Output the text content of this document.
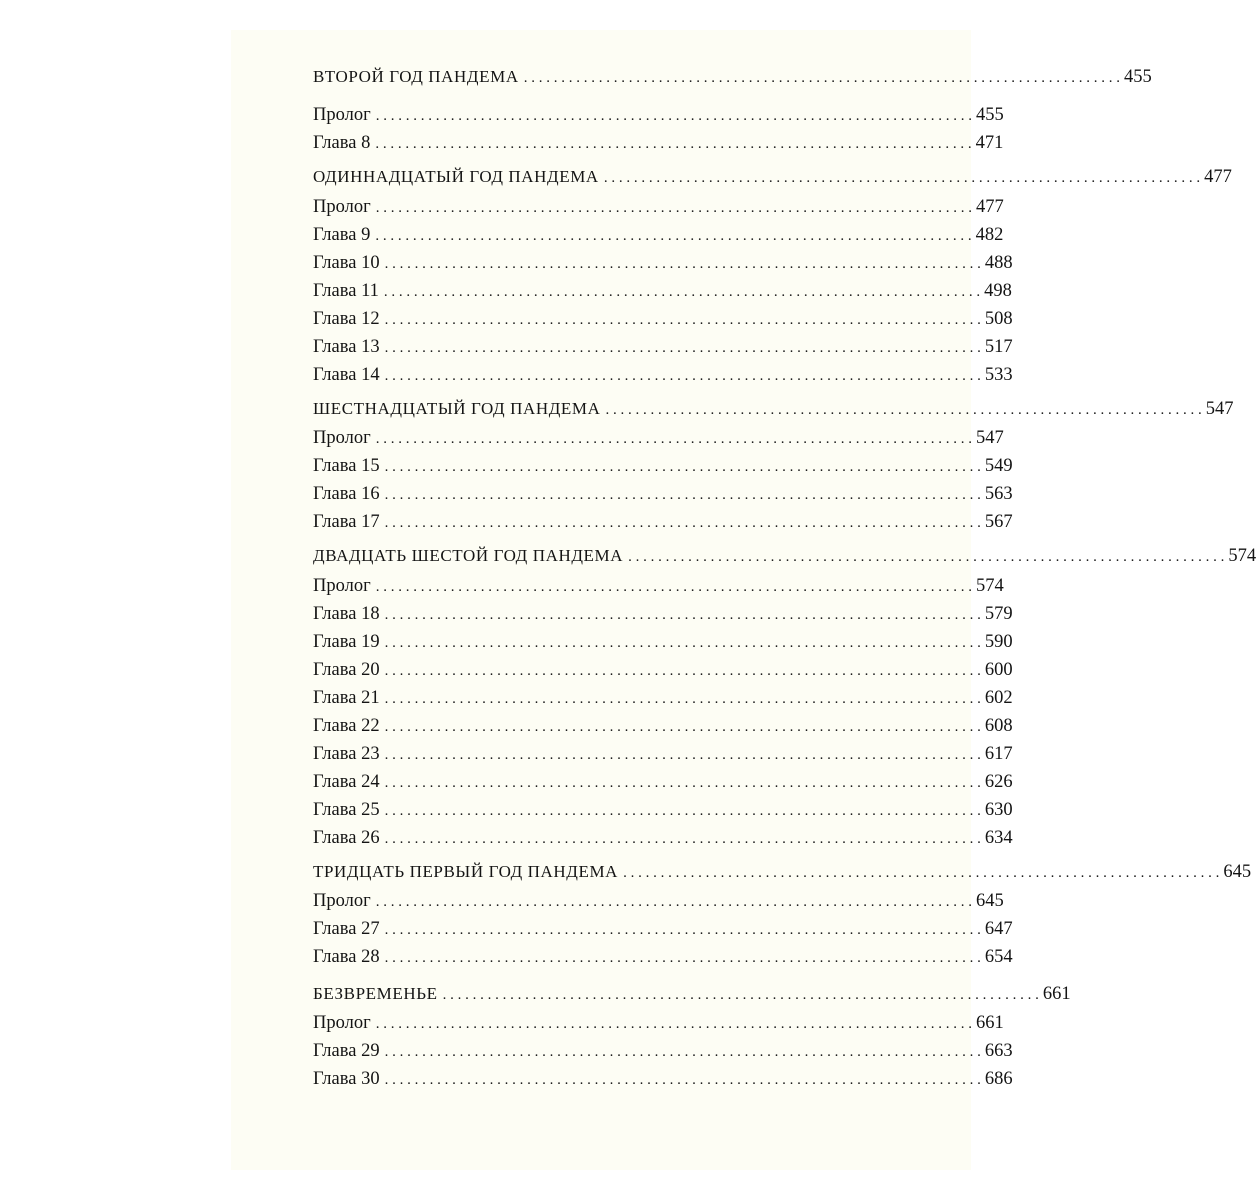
ВТОРОЙ ГОД ПАНДЕМА . . . . . . . . . . . . . . . . . . . . . . . . . . . . . . . . . . . . . . . . . . . . . . . . . . . . . . . . . . . . . . . . . . . . . . . . . . . . . . . . 455
Пролог . . . . . . . . . . . . . . . . . . . . . . . . . . . . . . . . . . . . . . . . . . . . . . . . . . . . . . . . . . . . . . . . . . . . . . . . . . . . . . . . 455
Глава 8 . . . . . . . . . . . . . . . . . . . . . . . . . . . . . . . . . . . . . . . . . . . . . . . . . . . . . . . . . . . . . . . . . . . . . . . . . . . . . . . . 471
ОДИННАДЦАТЫЙ ГОД ПАНДЕМА . . . . . . . . . . . . . . . . . . . . . . . . . . . . . . . . . . . . . . . . . . . . . . . . . . . . . . . . . . . . . . . . . . . . . . . . . . . . . . . . 477
Пролог . . . . . . . . . . . . . . . . . . . . . . . . . . . . . . . . . . . . . . . . . . . . . . . . . . . . . . . . . . . . . . . . . . . . . . . . . . . . . . . . 477
Глава 9 . . . . . . . . . . . . . . . . . . . . . . . . . . . . . . . . . . . . . . . . . . . . . . . . . . . . . . . . . . . . . . . . . . . . . . . . . . . . . . . . 482
Глава 10 . . . . . . . . . . . . . . . . . . . . . . . . . . . . . . . . . . . . . . . . . . . . . . . . . . . . . . . . . . . . . . . . . . . . . . . . . . . . . . . . 488
Глава 11 . . . . . . . . . . . . . . . . . . . . . . . . . . . . . . . . . . . . . . . . . . . . . . . . . . . . . . . . . . . . . . . . . . . . . . . . . . . . . . . . 498
Глава 12 . . . . . . . . . . . . . . . . . . . . . . . . . . . . . . . . . . . . . . . . . . . . . . . . . . . . . . . . . . . . . . . . . . . . . . . . . . . . . . . . 508
Глава 13 . . . . . . . . . . . . . . . . . . . . . . . . . . . . . . . . . . . . . . . . . . . . . . . . . . . . . . . . . . . . . . . . . . . . . . . . . . . . . . . . 517
Глава 14 . . . . . . . . . . . . . . . . . . . . . . . . . . . . . . . . . . . . . . . . . . . . . . . . . . . . . . . . . . . . . . . . . . . . . . . . . . . . . . . . 533
ШЕСТНАДЦАТЫЙ ГОД ПАНДЕМА . . . . . . . . . . . . . . . . . . . . . . . . . . . . . . . . . . . . . . . . . . . . . . . . . . . . . . . . . . . . . . . . . . . . . . . . . . . . . . . . 547
Пролог . . . . . . . . . . . . . . . . . . . . . . . . . . . . . . . . . . . . . . . . . . . . . . . . . . . . . . . . . . . . . . . . . . . . . . . . . . . . . . . . 547
Глава 15 . . . . . . . . . . . . . . . . . . . . . . . . . . . . . . . . . . . . . . . . . . . . . . . . . . . . . . . . . . . . . . . . . . . . . . . . . . . . . . . . 549
Глава 16 . . . . . . . . . . . . . . . . . . . . . . . . . . . . . . . . . . . . . . . . . . . . . . . . . . . . . . . . . . . . . . . . . . . . . . . . . . . . . . . . 563
Глава 17 . . . . . . . . . . . . . . . . . . . . . . . . . . . . . . . . . . . . . . . . . . . . . . . . . . . . . . . . . . . . . . . . . . . . . . . . . . . . . . . . 567
ДВАДЦАТЬ ШЕСТОЙ ГОД ПАНДЕМА . . . . . . . . . . . . . . . . . . . . . . . . . . . . . . . . . . . . . . . . . . . . . . . . . . . . . . . . . . . . . . . . . . . . . . . . . . . . . . . . 574
Пролог . . . . . . . . . . . . . . . . . . . . . . . . . . . . . . . . . . . . . . . . . . . . . . . . . . . . . . . . . . . . . . . . . . . . . . . . . . . . . . . . 574
Глава 18 . . . . . . . . . . . . . . . . . . . . . . . . . . . . . . . . . . . . . . . . . . . . . . . . . . . . . . . . . . . . . . . . . . . . . . . . . . . . . . . . 579
Глава 19 . . . . . . . . . . . . . . . . . . . . . . . . . . . . . . . . . . . . . . . . . . . . . . . . . . . . . . . . . . . . . . . . . . . . . . . . . . . . . . . . 590
Глава 20 . . . . . . . . . . . . . . . . . . . . . . . . . . . . . . . . . . . . . . . . . . . . . . . . . . . . . . . . . . . . . . . . . . . . . . . . . . . . . . . . 600
Глава 21 . . . . . . . . . . . . . . . . . . . . . . . . . . . . . . . . . . . . . . . . . . . . . . . . . . . . . . . . . . . . . . . . . . . . . . . . . . . . . . . . 602
Глава 22 . . . . . . . . . . . . . . . . . . . . . . . . . . . . . . . . . . . . . . . . . . . . . . . . . . . . . . . . . . . . . . . . . . . . . . . . . . . . . . . . 608
Глава 23 . . . . . . . . . . . . . . . . . . . . . . . . . . . . . . . . . . . . . . . . . . . . . . . . . . . . . . . . . . . . . . . . . . . . . . . . . . . . . . . . 617
Глава 24 . . . . . . . . . . . . . . . . . . . . . . . . . . . . . . . . . . . . . . . . . . . . . . . . . . . . . . . . . . . . . . . . . . . . . . . . . . . . . . . . 626
Глава 25 . . . . . . . . . . . . . . . . . . . . . . . . . . . . . . . . . . . . . . . . . . . . . . . . . . . . . . . . . . . . . . . . . . . . . . . . . . . . . . . . 630
Глава 26 . . . . . . . . . . . . . . . . . . . . . . . . . . . . . . . . . . . . . . . . . . . . . . . . . . . . . . . . . . . . . . . . . . . . . . . . . . . . . . . . 634
ТРИДЦАТЬ ПЕРВЫЙ ГОД ПАНДЕМА . . . . . . . . . . . . . . . . . . . . . . . . . . . . . . . . . . . . . . . . . . . . . . . . . . . . . . . . . . . . . . . . . . . . . . . . . . . . . . . . 645
Пролог . . . . . . . . . . . . . . . . . . . . . . . . . . . . . . . . . . . . . . . . . . . . . . . . . . . . . . . . . . . . . . . . . . . . . . . . . . . . . . . . 645
Глава 27 . . . . . . . . . . . . . . . . . . . . . . . . . . . . . . . . . . . . . . . . . . . . . . . . . . . . . . . . . . . . . . . . . . . . . . . . . . . . . . . . 647
Глава 28 . . . . . . . . . . . . . . . . . . . . . . . . . . . . . . . . . . . . . . . . . . . . . . . . . . . . . . . . . . . . . . . . . . . . . . . . . . . . . . . . 654
БЕЗВРЕМЕНЬЕ . . . . . . . . . . . . . . . . . . . . . . . . . . . . . . . . . . . . . . . . . . . . . . . . . . . . . . . . . . . . . . . . . . . . . . . . . . . . . . . . 661
Пролог . . . . . . . . . . . . . . . . . . . . . . . . . . . . . . . . . . . . . . . . . . . . . . . . . . . . . . . . . . . . . . . . . . . . . . . . . . . . . . . . 661
Глава 29 . . . . . . . . . . . . . . . . . . . . . . . . . . . . . . . . . . . . . . . . . . . . . . . . . . . . . . . . . . . . . . . . . . . . . . . . . . . . . . . . 663
Глава 30 . . . . . . . . . . . . . . . . . . . . . . . . . . . . . . . . . . . . . . . . . . . . . . . . . . . . . . . . . . . . . . . . . . . . . . . . . . . . . . . . 686
